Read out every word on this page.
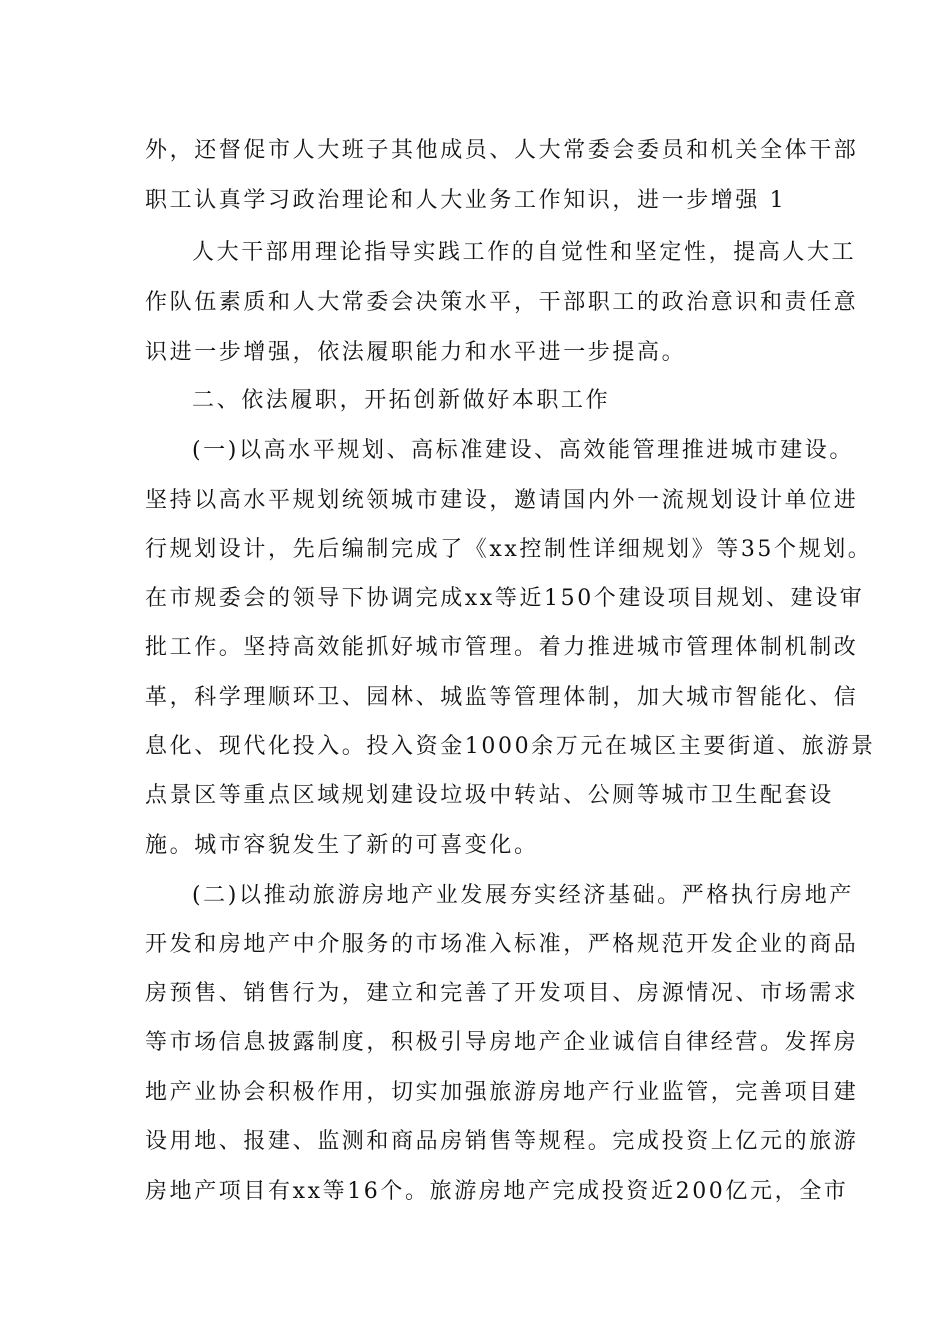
外，还督促市人大班子其他成员、人大常委会委员和机关全体干部
职工认真学习政治理论和人大业务工作知识，进一步增强 1
人大干部用理论指导实践工作的自觉性和坚定性，提高人大工
作队伍素质和人大常委会决策水平，干部职工的政治意识和责任意
识进一步增强，依法履职能力和水平进一步提高。
二、依法履职，开拓创新做好本职工作
(一)以高水平规划、高标准建设、高效能管理推进城市建设。
坚持以高水平规划统领城市建设，邀请国内外一流规划设计单位进
行规划设计，先后编制完成了《xx控制性详细规划》等35个规划。
在市规委会的领导下协调完成xx等近150个建设项目规划、建设审
批工作。坚持高效能抓好城市管理。着力推进城市管理体制机制改
革，科学理顺环卫、园林、城监等管理体制，加大城市智能化、信
息化、现代化投入。投入资金1000余万元在城区主要街道、旅游景
点景区等重点区域规划建设垃圾中转站、公厕等城市卫生配套设
施。城市容貌发生了新的可喜变化。
(二)以推动旅游房地产业发展夯实经济基础。严格执行房地产
开发和房地产中介服务的市场准入标准，严格规范开发企业的商品
房预售、销售行为，建立和完善了开发项目、房源情况、市场需求
等市场信息披露制度，积极引导房地产企业诚信自律经营。发挥房
地产业协会积极作用，切实加强旅游房地产行业监管，完善项目建
设用地、报建、监测和商品房销售等规程。完成投资上亿元的旅游
房地产项目有xx等16个。旅游房地产完成投资近200亿元，全市
